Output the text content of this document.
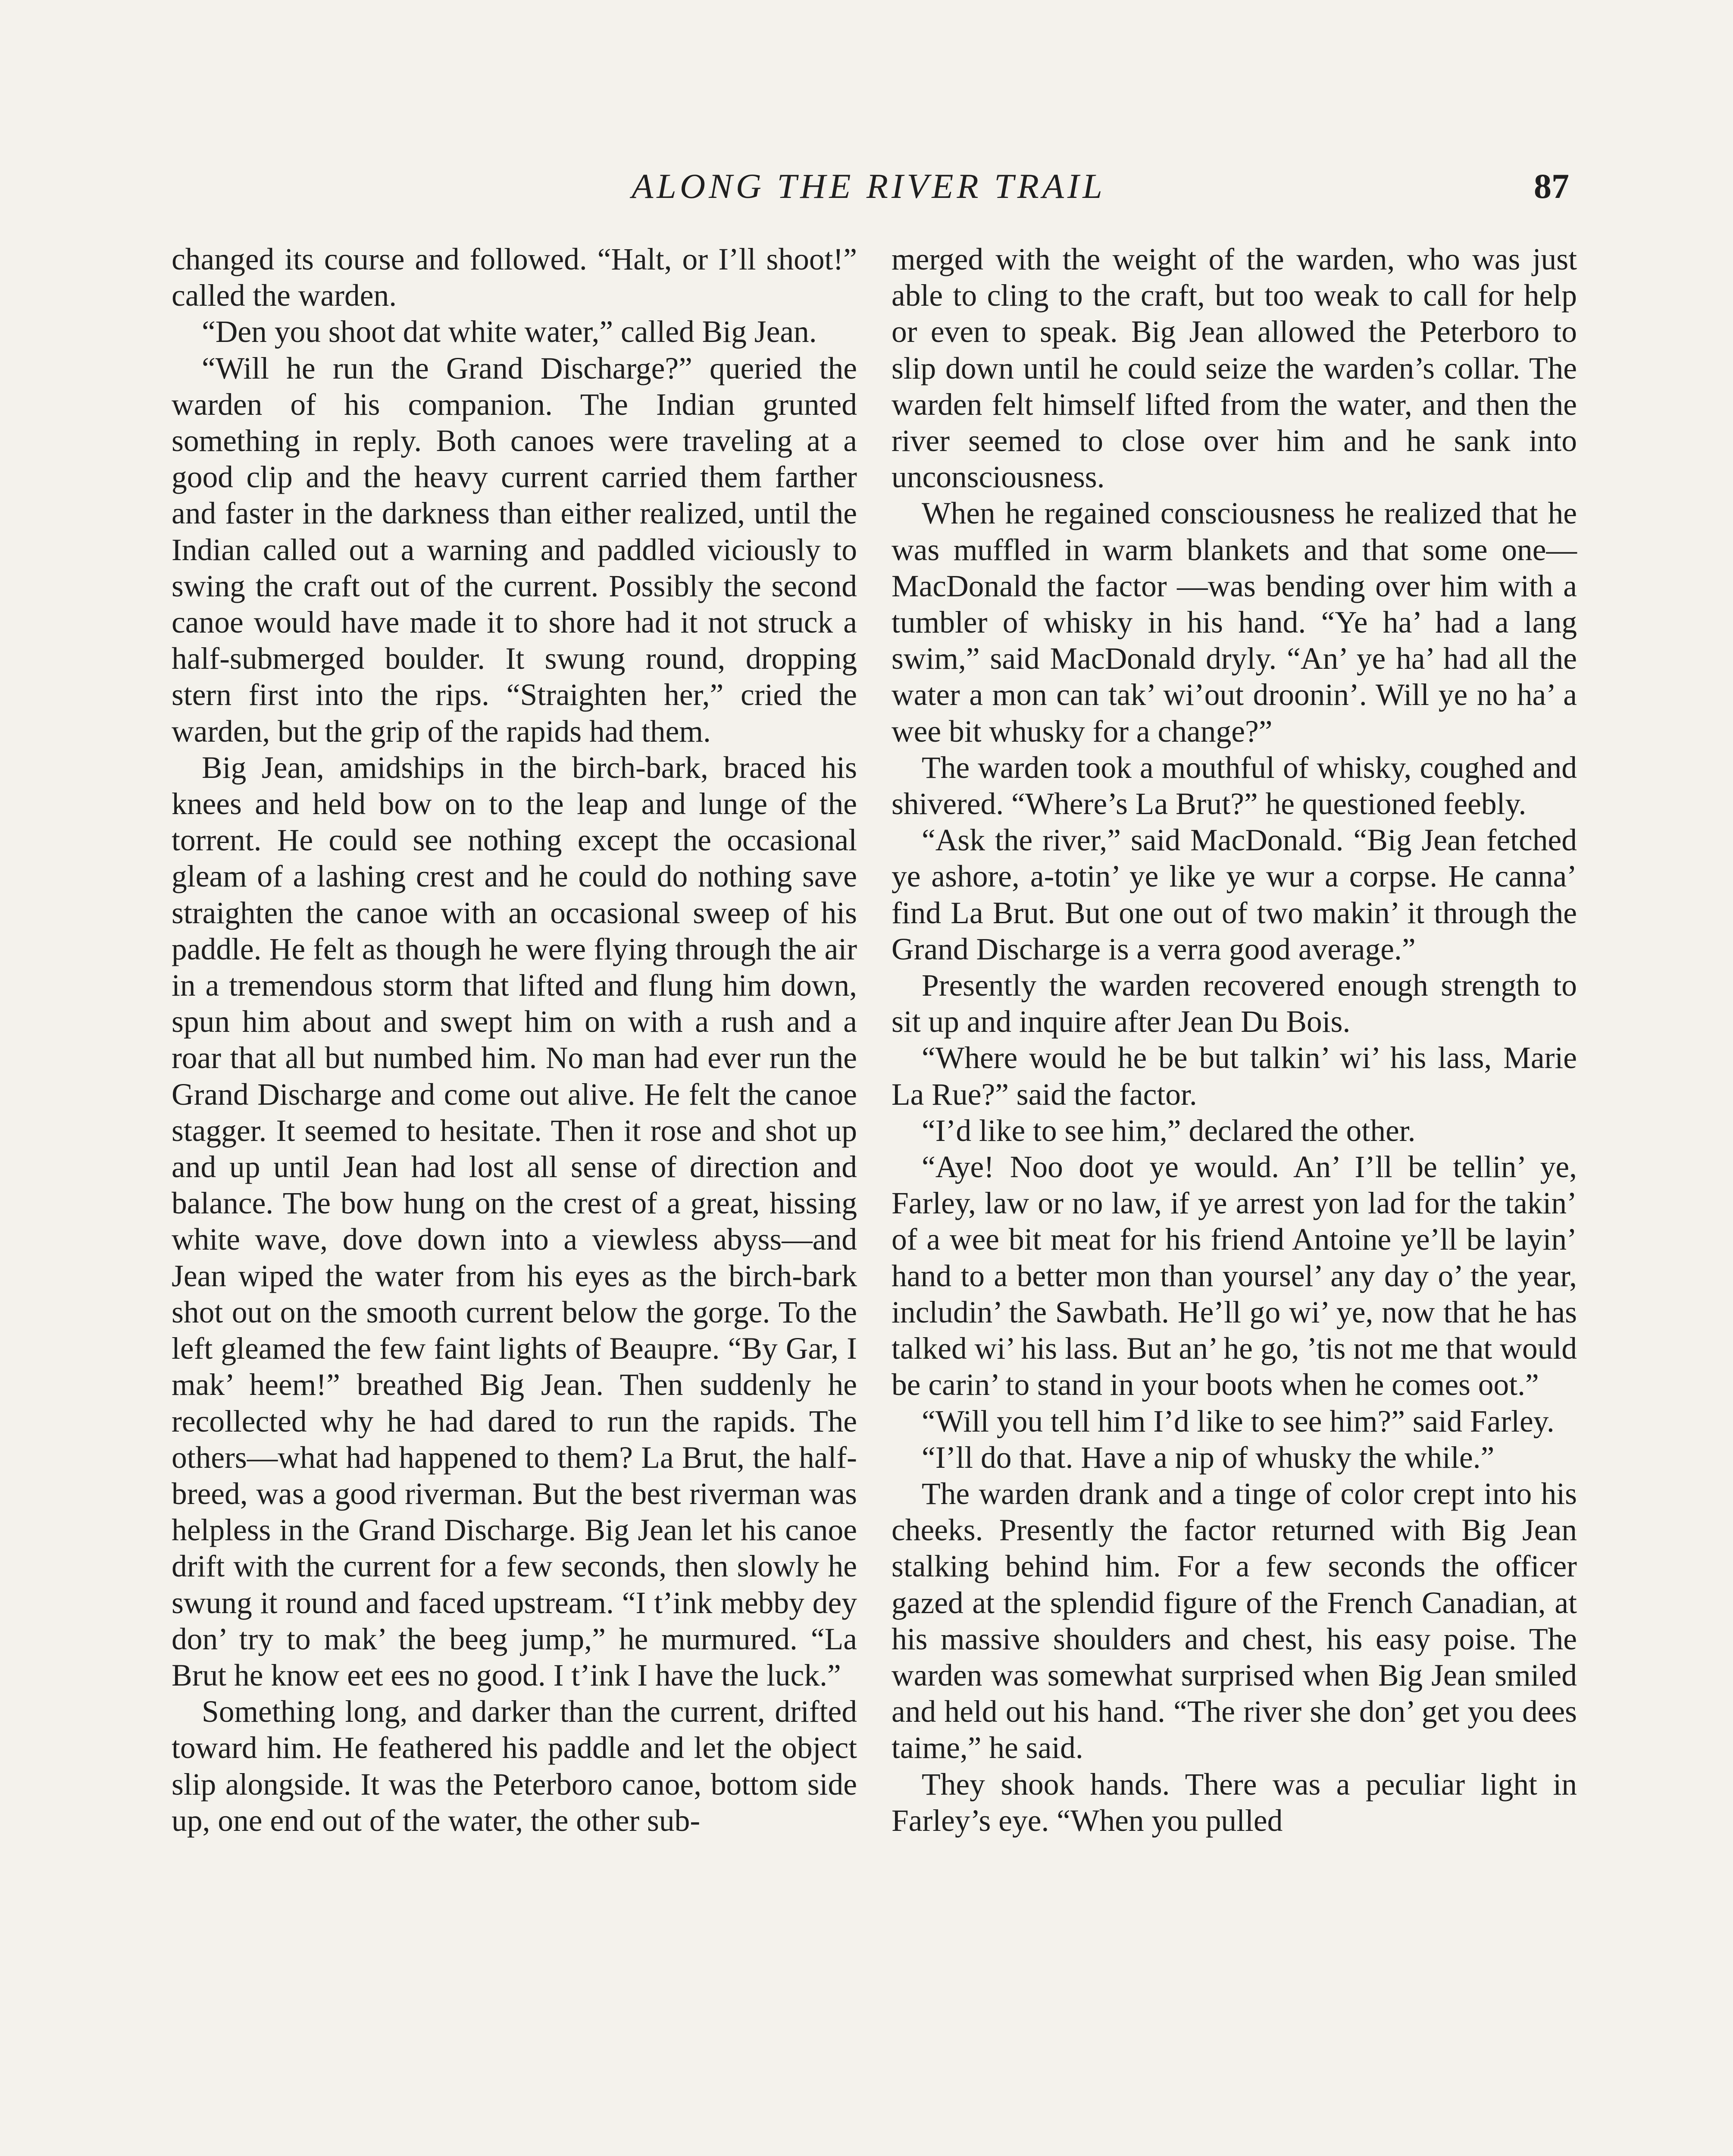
ALONG THE RIVER TRAIL	87

changed its course and followed. “Halt, or I’ll shoot!” called the warden.

“Den you shoot dat white water,” called Big Jean.

“Will he run the Grand Discharge?” queried the warden of his companion. The Indian grunted something in reply. Both canoes were traveling at a good clip and the heavy current carried them farther and faster in the darkness than either realized, until the Indian called out a warning and paddled viciously to swing the craft out of the current. Possibly the second canoe would have made it to shore had it not struck a half-submerged boulder. It swung round, dropping stern first into the rips. “Straighten her,” cried the warden, but the grip of the rapids had them.

Big Jean, amidships in the birch-bark, braced his knees and held bow on to the leap and lunge of the torrent. He could see nothing except the occasional gleam of a lashing crest and he could do nothing save straighten the canoe with an occasional sweep of his paddle. He felt as though he were flying through the air in a tremendous storm that lifted and flung him down, spun him about and swept him on with a rush and a roar that all but numbed him. No man had ever run the Grand Discharge and come out alive. He felt the canoe stagger. It seemed to hesitate. Then it rose and shot up and up until Jean had lost all sense of direction and balance. The bow hung on the crest of a great, hissing white wave, dove down into a viewless abyss—and Jean wiped the water from his eyes as the birch-bark shot out on the smooth current below the gorge. To the left gleamed the few faint lights of Beaupre. “By Gar, I mak’ heem!” breathed Big Jean. Then suddenly he recollected why he had dared to run the rapids. The others—what had happened to them? La Brut, the half-breed, was a good riverman. But the best riverman was helpless in the Grand Discharge. Big Jean let his canoe drift with the current for a few seconds, then slowly he swung it round and faced upstream. “I t’ink mebby dey don’ try to mak’ the beeg jump,” he murmured. “La Brut he know eet ees no good. I t’ink I have the luck.”

Something long, and darker than the current, drifted toward him. He feathered his paddle and let the object slip alongside. It was the Peterboro canoe, bottom side up, one end out of the water, the other sub-

merged with the weight of the warden, who was just able to cling to the craft, but too weak to call for help or even to speak. Big Jean allowed the Peterboro to slip down until he could seize the warden’s collar. The warden felt himself lifted from the water, and then the river seemed to close over him and he sank into unconsciousness.

When he regained consciousness he realized that he was muffled in warm blankets and that some one—MacDonald the factor —was bending over him with a tumbler of whisky in his hand. “Ye ha’ had a lang swim,” said MacDonald dryly. “An’ ye ha’ had all the water a mon can tak’ wi’out droonin’. Will ye no ha’ a wee bit whusky for a change?”

The warden took a mouthful of whisky, coughed and shivered. “Where’s La Brut?” he questioned feebly.

“Ask the river,” said MacDonald. “Big Jean fetched ye ashore, a-totin’ ye like ye wur a corpse. He canna’ find La Brut. But one out of two makin’ it through the Grand Discharge is a verra good average.”

Presently the warden recovered enough strength to sit up and inquire after Jean Du Bois.

“Where would he be but talkin’ wi’ his lass, Marie La Rue?” said the factor.

“I’d like to see him,” declared the other.

“Aye! Noo doot ye would. An’ I’ll be tellin’ ye, Farley, law or no law, if ye arrest yon lad for the takin’ of a wee bit meat for his friend Antoine ye’ll be layin’ hand to a better mon than yoursel’ any day o’ the year, includin’ the Sawbath. He’ll go wi’ ye, now that he has talked wi’ his lass. But an’ he go, ’tis not me that would be carin’ to stand in your boots when he comes oot.”

“Will you tell him I’d like to see him?” said Farley.

“I’ll do that. Have a nip of whusky the while.”

The warden drank and a tinge of color crept into his cheeks. Presently the factor returned with Big Jean stalking behind him. For a few seconds the officer gazed at the splendid figure of the French Canadian, at his massive shoulders and chest, his easy poise. The warden was somewhat surprised when Big Jean smiled and held out his hand. “The river she don’ get you dees taime,” he said.

They shook hands. There was a peculiar light in Farley’s eye. “When you pulled
